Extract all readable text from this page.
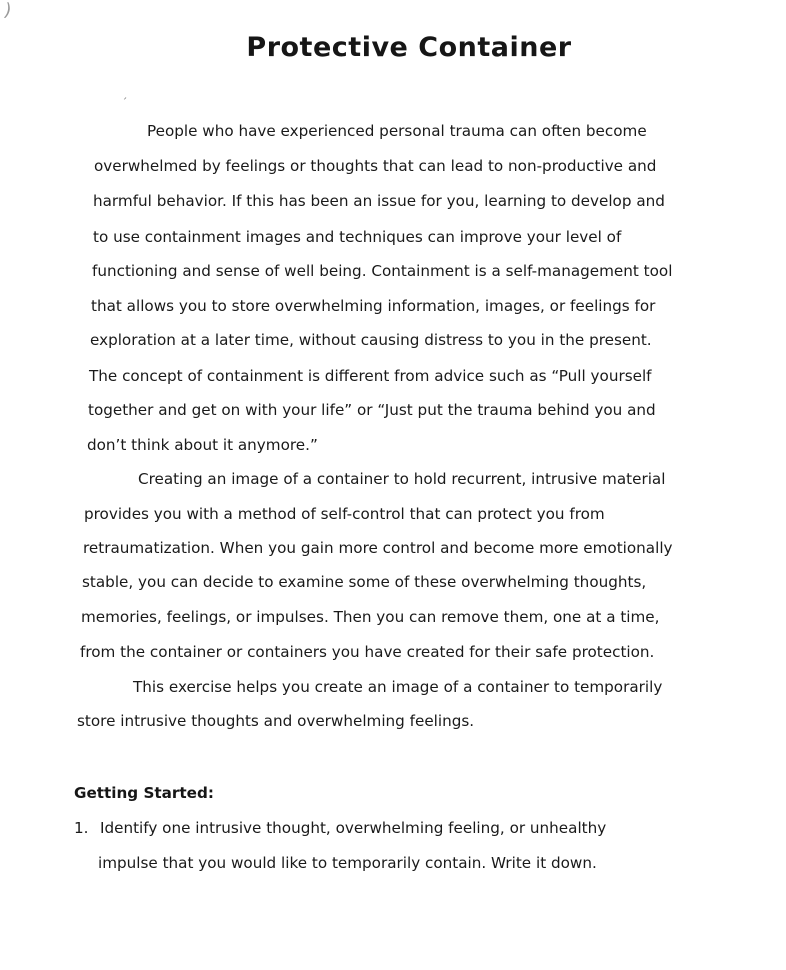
)
ʼ
Protective Container

People who have experienced personal trauma can often become

overwhelmed by feelings or thoughts that can lead to non-productive and

harmful behavior. If this has been an issue for you, learning to develop and

to use containment images and techniques can improve your level of

functioning and sense of well being. Containment is a self-management tool

that allows you to store overwhelming information, images, or feelings for

exploration at a later time, without causing distress to you in the present.

The concept of containment is different from advice such as “Pull yourself

together and get on with your life” or “Just put the trauma behind you and

don’t think about it anymore.”

Creating an image of a container to hold recurrent, intrusive material

provides you with a method of self-control that can protect you from

retraumatization. When you gain more control and become more emotionally

stable, you can decide to examine some of these overwhelming thoughts,

memories, feelings, or impulses. Then you can remove them, one at a time,

from the container or containers you have created for their safe protection.

This exercise helps you create an image of a container to temporarily

store intrusive thoughts and overwhelming feelings.

Getting Started:
1. Identify one intrusive thought, overwhelming feeling, or unhealthy

impulse that you would like to temporarily contain. Write it down.
